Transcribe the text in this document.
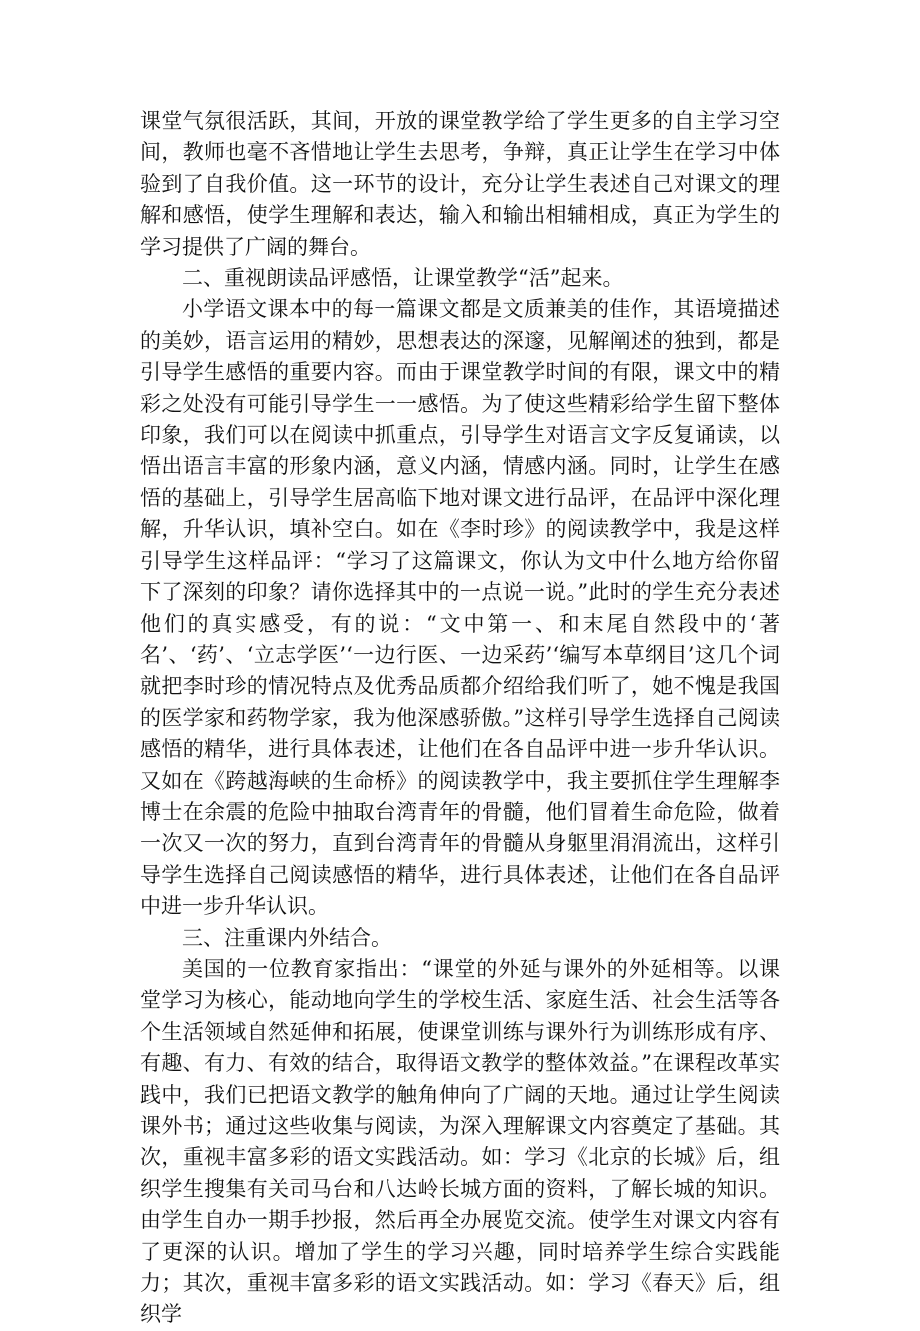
课堂气氛很活跃，其间，开放的课堂教学给了学生更多的自主学习空间，教师也毫不吝惜地让学生去思考，争辩，真正让学生在学习中体验到了自我价值。这一环节的设计，充分让学生表述自己对课文的理解和感悟，使学生理解和表达，输入和输出相辅相成，真正为学生的学习提供了广阔的舞台。

二、重视朗读品评感悟，让课堂教学“活”起来。

小学语文课本中的每一篇课文都是文质兼美的佳作，其语境描述的美妙，语言运用的精妙，思想表达的深邃，见解阐述的独到，都是引导学生感悟的重要内容。而由于课堂教学时间的有限，课文中的精彩之处没有可能引导学生一一感悟。为了使这些精彩给学生留下整体印象，我们可以在阅读中抓重点，引导学生对语言文字反复诵读，以悟出语言丰富的形象内涵，意义内涵，情感内涵。同时，让学生在感悟的基础上，引导学生居高临下地对课文进行品评，在品评中深化理解，升华认识，填补空白。如在《李时珍》的阅读教学中，我是这样引导学生这样品评：“学习了这篇课文，你认为文中什么地方给你留下了深刻的印象？请你选择其中的一点说一说。”此时的学生充分表述他们的真实感受，有的说：“文中第一、和末尾自然段中的‘著名’、‘药’、‘立志学医’‘一边行医、一边采药’‘编写本草纲目’这几个词就把李时珍的情况特点及优秀品质都介绍给我们听了，她不愧是我国的医学家和药物学家，我为他深感骄傲。”这样引导学生选择自己阅读感悟的精华，进行具体表述，让他们在各自品评中进一步升华认识。又如在《跨越海峡的生命桥》的阅读教学中，我主要抓住学生理解李博士在余震的危险中抽取台湾青年的骨髓，他们冒着生命危险，做着一次又一次的努力，直到台湾青年的骨髓从身躯里涓涓流出，这样引导学生选择自己阅读感悟的精华，进行具体表述，让他们在各自品评中进一步升华认识。

三、注重课内外结合。

美国的一位教育家指出：“课堂的外延与课外的外延相等。以课堂学习为核心，能动地向学生的学校生活、家庭生活、社会生活等各个生活领域自然延伸和拓展，使课堂训练与课外行为训练形成有序、有趣、有力、有效的结合，取得语文教学的整体效益。”在课程改革实践中，我们已把语文教学的触角伸向了广阔的天地。通过让学生阅读课外书；通过这些收集与阅读，为深入理解课文内容奠定了基础。其次，重视丰富多彩的语文实践活动。如：学习《北京的长城》后，组织学生搜集有关司马台和八达岭长城方面的资料，了解长城的知识。由学生自办一期手抄报，然后再全办展览交流。使学生对课文内容有了更深的认识。增加了学生的学习兴趣，同时培养学生综合实践能力；其次，重视丰富多彩的语文实践活动。如：学习《春天》后，组织学
